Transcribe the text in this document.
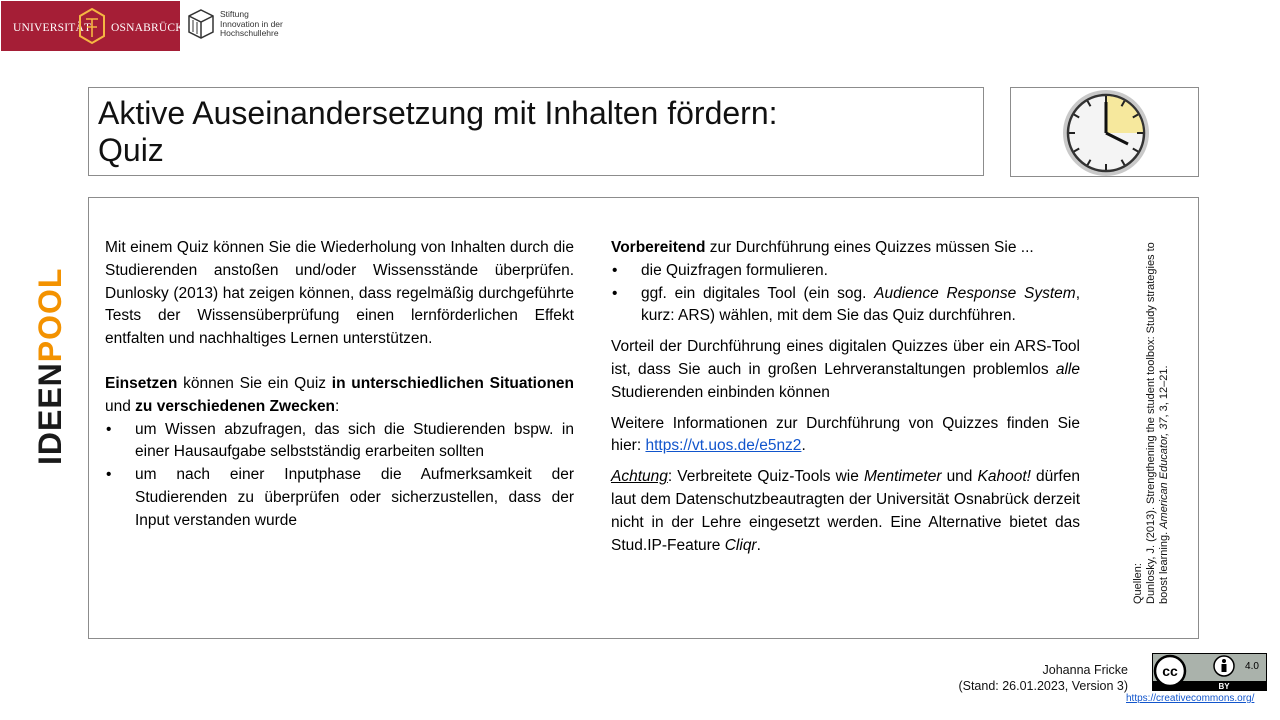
UNIVERSITÄT OSNABRÜCK
Stiftung
Innovation in der
Hochschullehre
Aktive Auseinandersetzung mit Inhalten fördern:
Quiz
IDEENPOOL

Mit einem Quiz können Sie die Wiederholung von Inhalten durch die Studierenden anstoßen und/oder Wissensstände überprüfen. Dunlosky (2013) hat zeigen können, dass regelmäßig durchgeführte Tests der Wissensüberprüfung einen lernförderlichen Effekt entfalten und nachhaltiges Lernen unterstützen.

Einsetzen können Sie ein Quiz in unterschiedlichen Situationen und zu verschiedenen Zwecken:

• um Wissen abzufragen, das sich die Studierenden bspw. in einer Hausaufgabe selbstständig erarbeiten sollten
• um nach einer Inputphase die Aufmerksamkeit der Studierenden zu überprüfen oder sicherzustellen, dass der Input verstanden wurde

Vorbereitend zur Durchführung eines Quizzes müssen Sie ...

• die Quizfragen formulieren.
• ggf. ein digitales Tool (ein sog. Audience Response System, kurz: ARS) wählen, mit dem Sie das Quiz durchführen.

Vorteil der Durchführung eines digitalen Quizzes über ein ARS-Tool ist, dass Sie auch in großen Lehrveranstaltungen problemlos alle Studierenden einbinden können

Weitere Informationen zur Durchführung von Quizzes finden Sie hier: https://vt.uos.de/e5nz2.

Achtung: Verbreitete Quiz-Tools wie Mentimeter und Kahoot! dürfen laut dem Datenschutzbeautragten der Universität Osnabrück derzeit nicht in der Lehre eingesetzt werden. Eine Alternative bietet das Stud.IP-Feature Cliqr.

Quellen: Dunlosky, J. (2013). Strengthening the student toolbox: Study strategies to boost learning. American Educator, 37, 3, 12–21.
Johanna Fricke
(Stand: 26.01.2023, Version 3)
cc	4.0
BY
https://creativecommons.org/
